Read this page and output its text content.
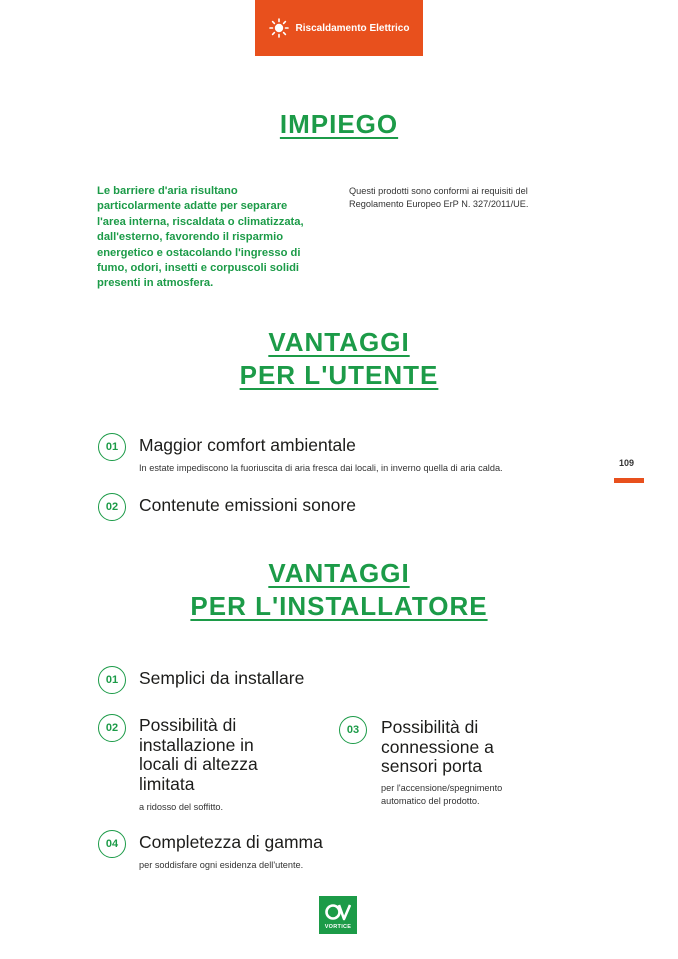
Riscaldamento Elettrico
IMPIEGO
Le barriere d'aria risultano
particolarmente adatte per separare
l'area interna, riscaldata o climatizzata,
dall'esterno, favorendo il risparmio
energetico e ostacolando l'ingresso di
fumo, odori, insetti e corpuscoli solidi
presenti in atmosfera.
Questi prodotti sono conformi ai requisiti del
Regolamento Europeo ErP N. 327/2011/UE.
VANTAGGI
PER L'UTENTE
01	Maggior comfort ambientale
In estate impediscono la fuoriuscita di aria fresca dai locali, in inverno quella di aria calda.
02	Contenute emissioni sonore
109
VANTAGGI
PER L'INSTALLATORE
01	Semplici da installare
02	Possibilità di
installazione in
locali di altezza
limitata
a ridosso del soffitto.
03	Possibilità di
connessione a
sensori porta
per l'accensione/spegnimento
automatico del prodotto.
04	Completezza di gamma
per soddisfare ogni esidenza dell'utente.
VORTICE
